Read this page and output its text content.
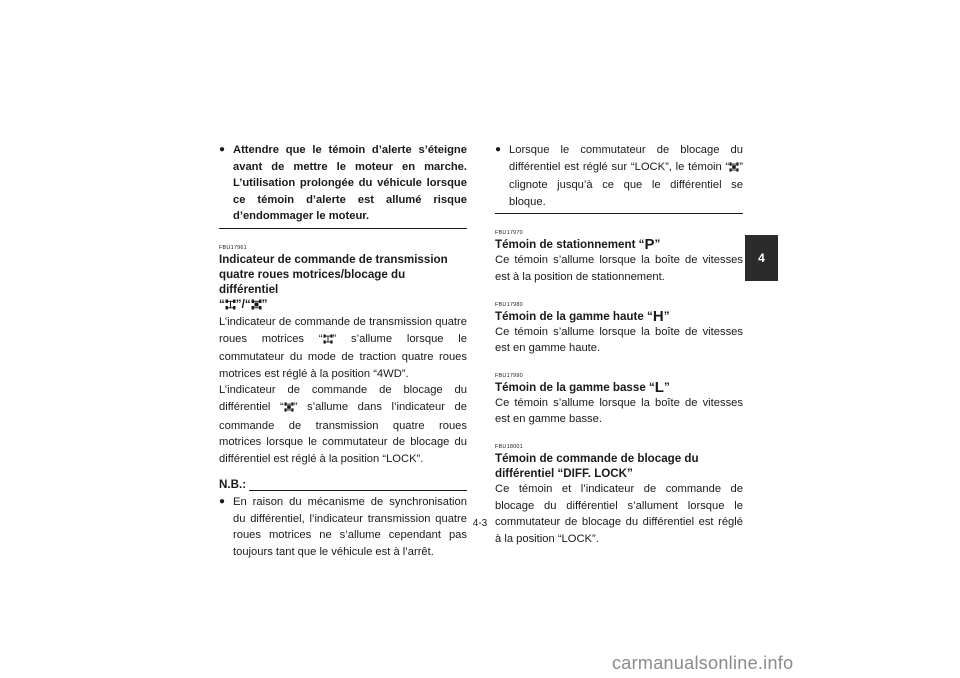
● Attendre que le témoin d’alerte s’éteigne avant de mettre le moteur en marche. L’utilisation prolongée du véhicule lorsque ce témoin d’alerte est allumé risque d’endommager le moteur.
FBU17961
Indicateur de commande de transmission quatre roues motrices/blocage du différentiel
“ ”/“ ”
L’indicateur de commande de transmission quatre roues motrices “ ” s’allume lorsque le commutateur du mode de traction quatre roues motrices est réglé à la position “4WD”.
L’indicateur de commande de blocage du différentiel “ ” s’allume dans l’indicateur de commande de transmission quatre roues motrices lorsque le commutateur de blocage du différentiel est réglé à la position “LOCK”.
N.B.:
● En raison du mécanisme de synchronisation du différentiel, l’indicateur transmission quatre roues motrices ne s’allume cependant pas toujours tant que le véhicule est à l’arrêt.
● Lorsque le commutateur de blocage du différentiel est réglé sur “LOCK”, le témoin “ ” clignote jusqu’à ce que le différentiel se bloque.
FBU17970
Témoin de stationnement “P”
Ce témoin s’allume lorsque la boîte de vitesses est à la position de stationnement.
FBU17980
Témoin de la gamme haute “H”
Ce témoin s’allume lorsque la boîte de vitesses est en gamme haute.
FBU17990
Témoin de la gamme basse “L”
Ce témoin s’allume lorsque la boîte de vitesses est en gamme basse.
FBU18001
Témoin de commande de blocage du différentiel “DIFF. LOCK”
Ce témoin et l’indicateur de commande de blocage du différentiel s’allument lorsque le commutateur de blocage du différentiel est réglé à la position “LOCK”.
4
4-3
carmanualsonline.info
